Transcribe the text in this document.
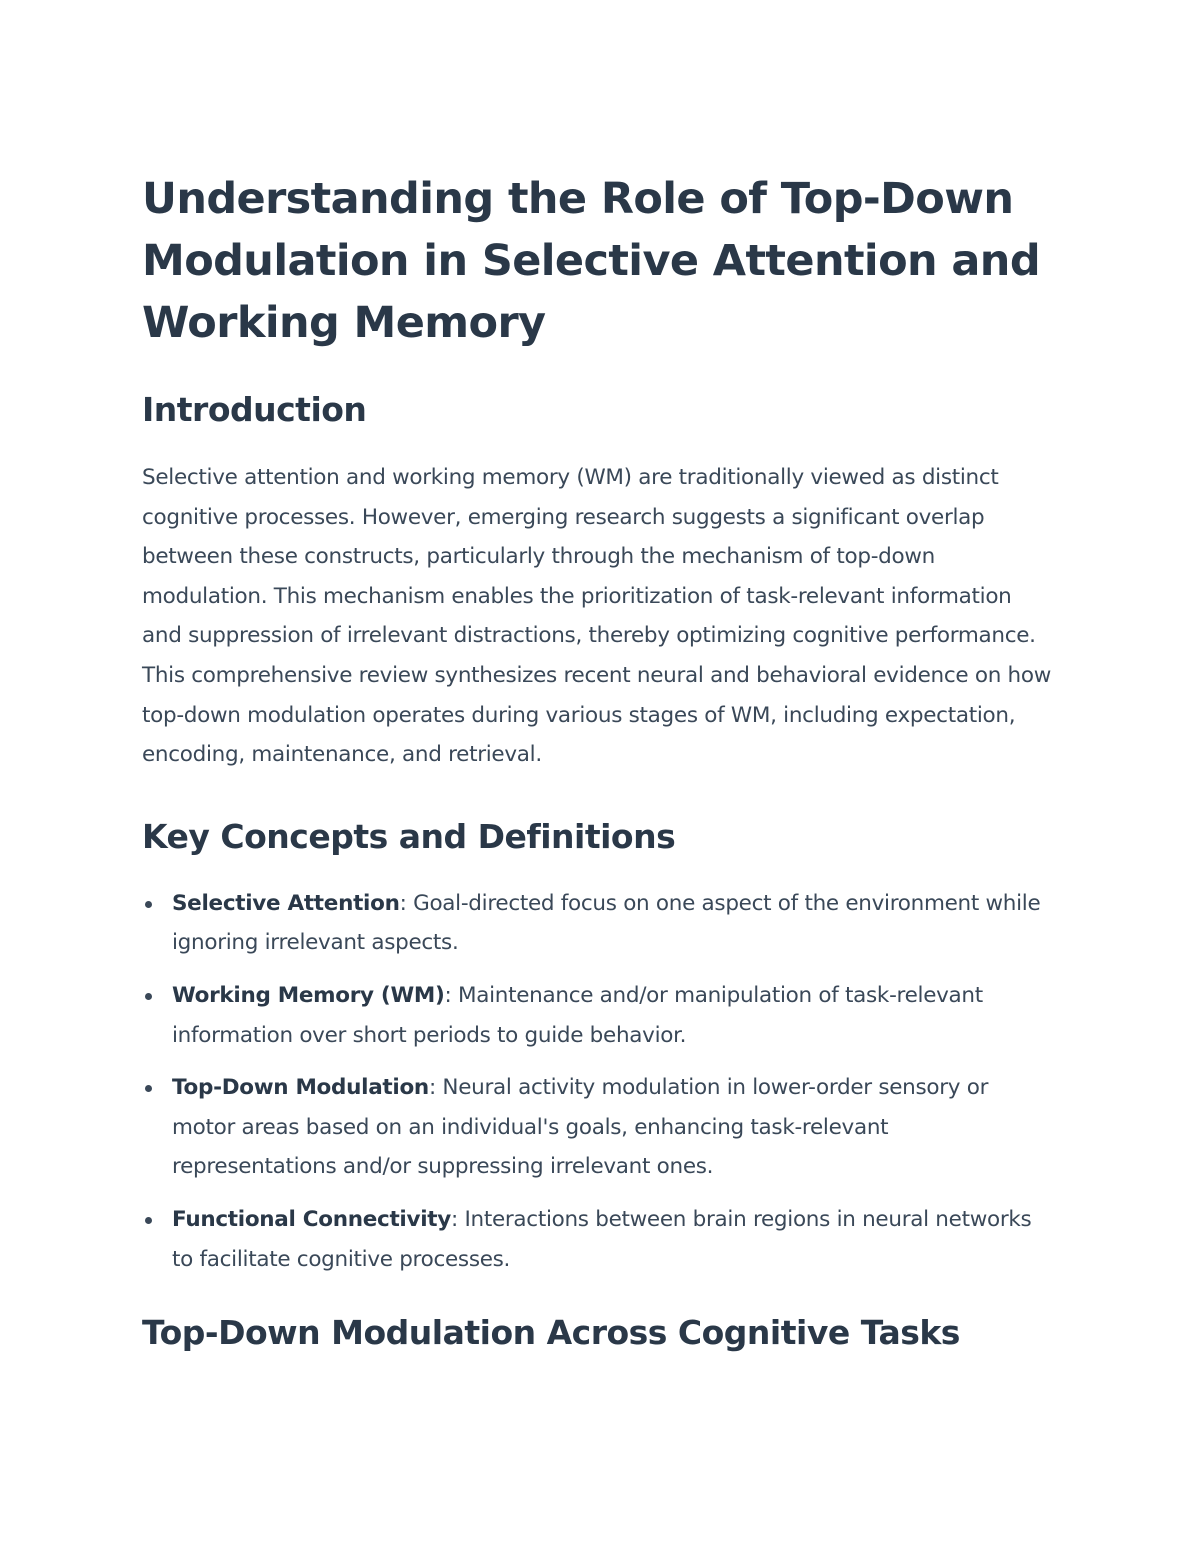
Understanding the Role of Top-Down Modulation in Selective Attention and Working Memory
Introduction

Selective attention and working memory (WM) are traditionally viewed as distinct cognitive processes. However, emerging research suggests a significant overlap between these constructs, particularly through the mechanism of top-down modulation. This mechanism enables the prioritization of task-relevant information and suppression of irrelevant distractions, thereby optimizing cognitive performance. This comprehensive review synthesizes recent neural and behavioral evidence on how top-down modulation operates during various stages of WM, including expectation, encoding, maintenance, and retrieval.

Key Concepts and Definitions
Selective Attention: Goal-directed focus on one aspect of the environment while ignoring irrelevant aspects.
Working Memory (WM): Maintenance and/or manipulation of task-relevant information over short periods to guide behavior.
Top-Down Modulation: Neural activity modulation in lower-order sensory or motor areas based on an individual's goals, enhancing task-relevant representations and/or suppressing irrelevant ones.
Functional Connectivity: Interactions between brain regions in neural networks to facilitate cognitive processes.
Top-Down Modulation Across Cognitive Tasks
